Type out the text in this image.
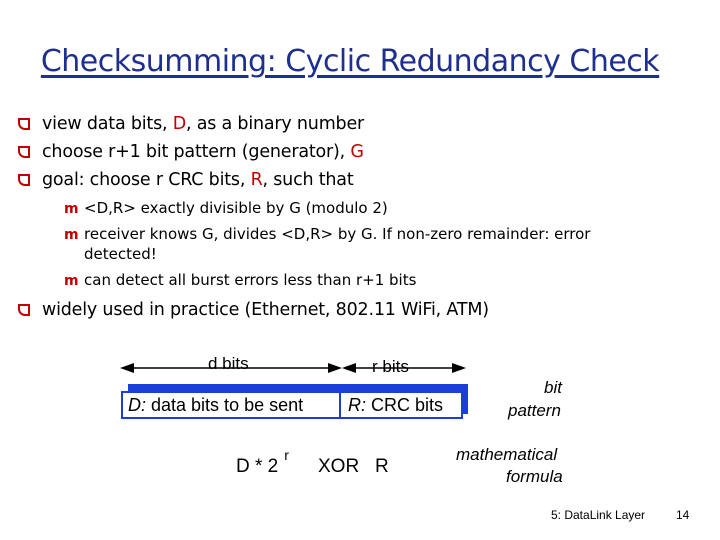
Checksumming: Cyclic Redundancy Check
view data bits, D, as a binary number
choose r+1 bit pattern (generator), G
goal: choose r CRC bits, R, such that
m <D,R> exactly divisible by G (modulo 2)
m receiver knows G, divides <D,R> by G. If non-zero remainder: error detected!
m can detect all burst errors less than r+1 bits
widely used in practice (Ethernet, 802.11 WiFi, ATM)
d bits	r bits
D: data bits to be sent R: CRC bits
bit
pattern
D * 2$^r$
XOR   R
mathematical
formula
5: DataLink Layer	14
